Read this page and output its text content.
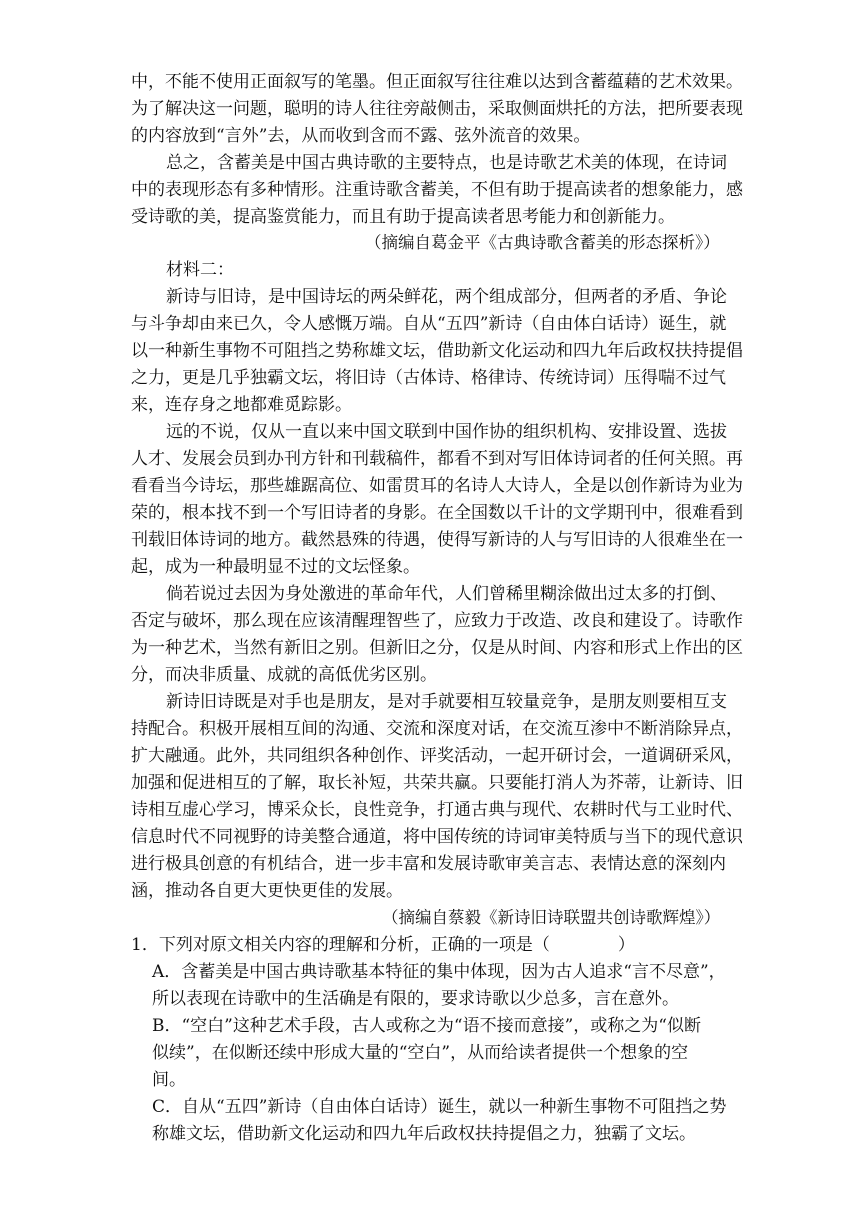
中，不能不使用正面叙写的笔墨。但正面叙写往往难以达到含蓄蕴藉的艺术效果。

为了解决这一问题，聪明的诗人往往旁敲侧击，采取侧面烘托的方法，把所要表现

的内容放到“言外”去，从而收到含而不露、弦外流音的效果。

总之，含蓄美是中国古典诗歌的主要特点，也是诗歌艺术美的体现，在诗词

中的表现形态有多种情形。注重诗歌含蓄美，不但有助于提高读者的想象能力，感

受诗歌的美，提高鉴赏能力，而且有助于提高读者思考能力和创新能力。

（摘编自葛金平《古典诗歌含蓄美的形态探析》）

材料二：

新诗与旧诗，是中国诗坛的两朵鲜花，两个组成部分，但两者的矛盾、争论

与斗争却由来已久，令人感慨万端。自从“五四”新诗（自由体白话诗）诞生，就

以一种新生事物不可阻挡之势称雄文坛，借助新文化运动和四九年后政权扶持提倡

之力，更是几乎独霸文坛，将旧诗（古体诗、格律诗、传统诗词）压得喘不过气

来，连存身之地都难觅踪影。

远的不说，仅从一直以来中国文联到中国作协的组织机构、安排设置、选拔

人才、发展会员到办刊方针和刊载稿件，都看不到对写旧体诗词者的任何关照。再

看看当今诗坛，那些雄踞高位、如雷贯耳的名诗人大诗人，全是以创作新诗为业为

荣的，根本找不到一个写旧诗者的身影。在全国数以千计的文学期刊中，很难看到

刊载旧体诗词的地方。截然悬殊的待遇，使得写新诗的人与写旧诗的人很难坐在一

起，成为一种最明显不过的文坛怪象。

倘若说过去因为身处激进的革命年代，人们曾稀里糊涂做出过太多的打倒、

否定与破坏，那么现在应该清醒理智些了，应致力于改造、改良和建设了。诗歌作

为一种艺术，当然有新旧之别。但新旧之分，仅是从时间、内容和形式上作出的区

分，而决非质量、成就的高低优劣区别。

新诗旧诗既是对手也是朋友，是对手就要相互较量竞争，是朋友则要相互支

持配合。积极开展相互间的沟通、交流和深度对话，在交流互渗中不断消除异点，

扩大融通。此外，共同组织各种创作、评奖活动，一起开研讨会，一道调研采风，

加强和促进相互的了解，取长补短，共荣共赢。只要能打消人为芥蒂，让新诗、旧

诗相互虚心学习，博采众长，良性竞争，打通古典与现代、农耕时代与工业时代、

信息时代不同视野的诗美整合通道，将中国传统的诗词审美特质与当下的现代意识

进行极具创意的有机结合，进一步丰富和发展诗歌审美言志、表情达意的深刻内

涵，推动各自更大更快更佳的发展。

（摘编自蔡毅《新诗旧诗联盟共创诗歌辉煌》）

1．下列对原文相关内容的理解和分析，正确的一项是（	）

A．含蓄美是中国古典诗歌基本特征的集中体现，因为古人追求“言不尽意”，

所以表现在诗歌中的生活确是有限的，要求诗歌以少总多，言在意外。

B．“空白”这种艺术手段，古人或称之为“语不接而意接”，或称之为“似断

似续”，在似断还续中形成大量的“空白”，从而给读者提供一个想象的空

间。

C．自从“五四”新诗（自由体白话诗）诞生，就以一种新生事物不可阻挡之势

称雄文坛，借助新文化运动和四九年后政权扶持提倡之力，独霸了文坛。
